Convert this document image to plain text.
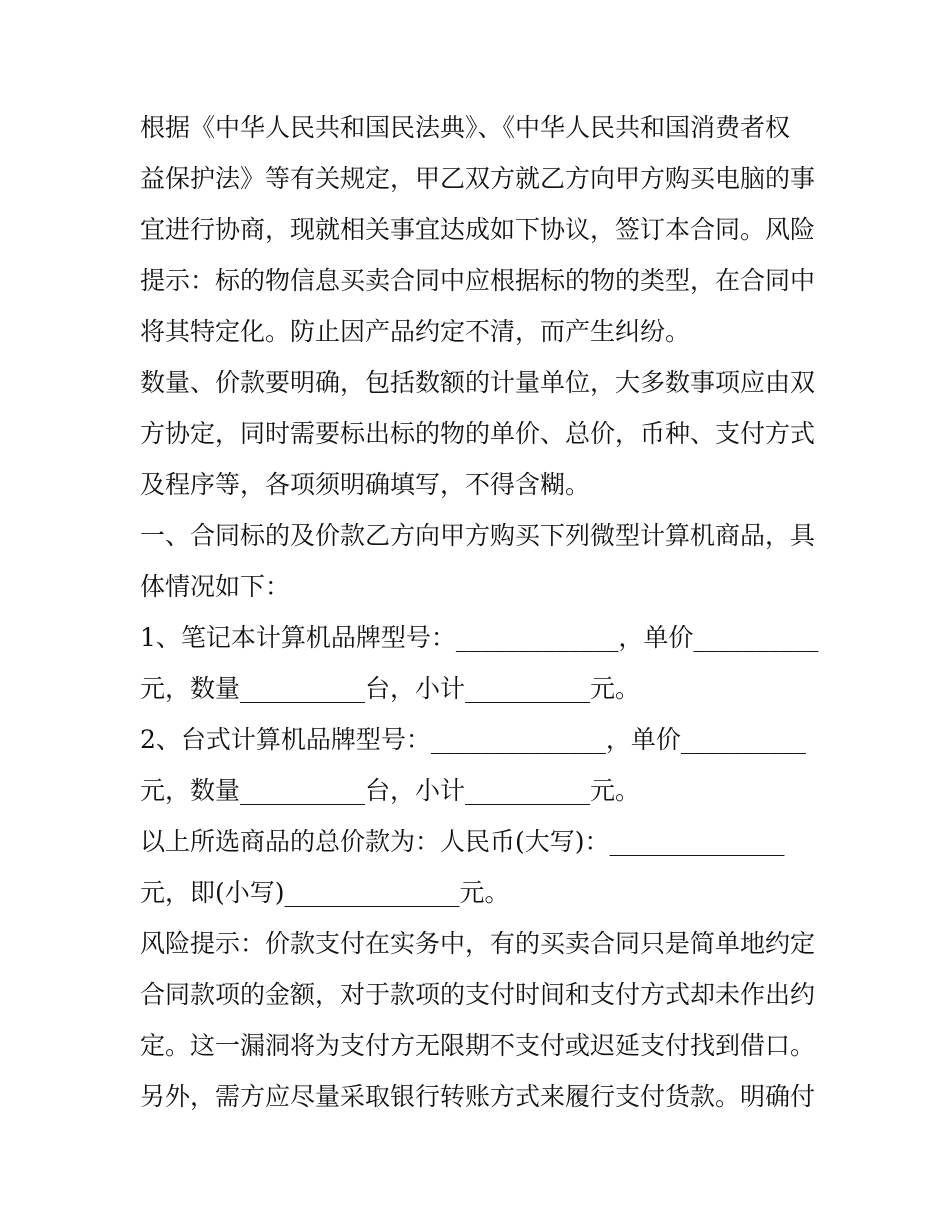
根据《中华人民共和国民法典》、《中华人民共和国消费者权
益保护法》等有关规定，甲乙双方就乙方向甲方购买电脑的事
宜进行协商，现就相关事宜达成如下协议，签订本合同。风险
提示：标的物信息买卖合同中应根据标的物的类型，在合同中
将其特定化。防止因产品约定不清，而产生纠纷。
数量、价款要明确，包括数额的计量单位，大多数事项应由双
方协定，同时需要标出标的物的单价、总价，币种、支付方式
及程序等，各项须明确填写，不得含糊。
一、合同标的及价款乙方向甲方购买下列微型计算机商品，具
体情况如下：
1、笔记本计算机品牌型号：_____________，单价__________
元，数量__________台，小计__________元。
2、台式计算机品牌型号：______________，单价__________
元，数量__________台，小计__________元。
以上所选商品的总价款为：人民币(大写)：______________
元，即(小写)______________元。
风险提示：价款支付在实务中，有的买卖合同只是简单地约定
合同款项的金额，对于款项的支付时间和支付方式却未作出约
定。这一漏洞将为支付方无限期不支付或迟延支付找到借口。
另外，需方应尽量采取银行转账方式来履行支付货款。明确付
